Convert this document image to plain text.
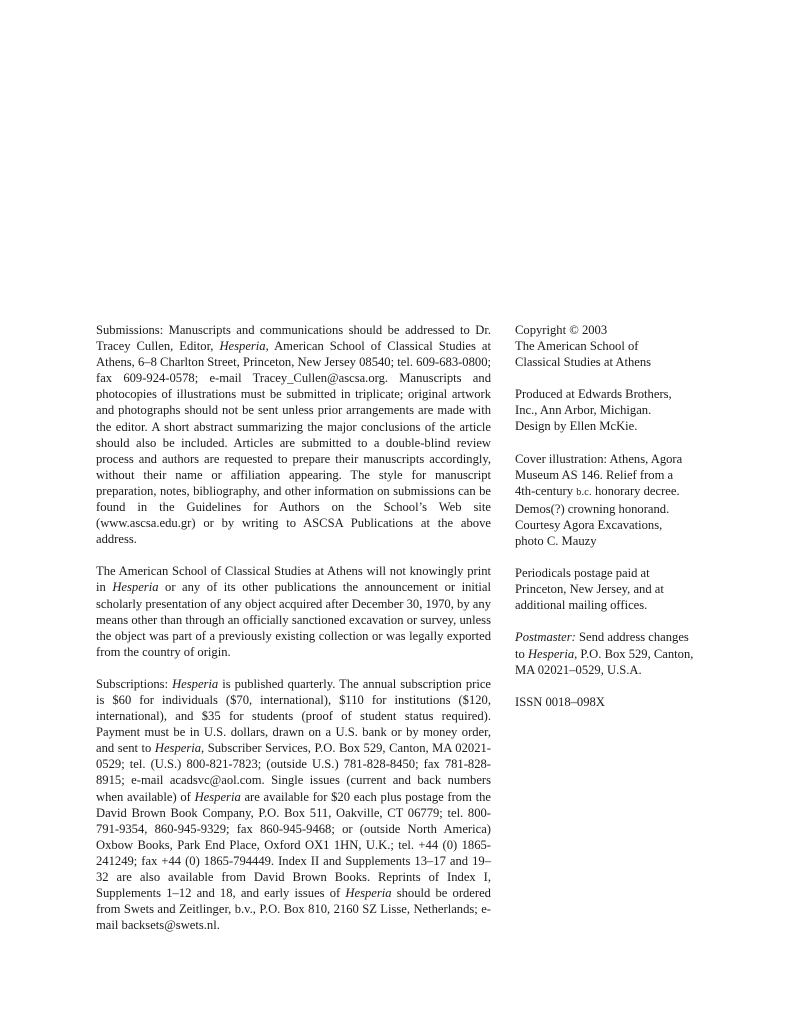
Submissions: Manuscripts and communications should be addressed to Dr. Tracey Cullen, Editor, Hesperia, American School of Classical Studies at Athens, 6–8 Charlton Street, Princeton, New Jersey 08540; tel. 609-683-0800; fax 609-924-0578; e-mail Tracey_Cullen@ascsa.org. Manuscripts and photocopies of illustrations must be submitted in triplicate; original artwork and photographs should not be sent unless prior arrangements are made with the editor. A short abstract summarizing the major conclusions of the article should also be included. Articles are submitted to a double-blind review process and authors are requested to prepare their manuscripts accordingly, without their name or affiliation appearing. The style for manuscript preparation, notes, bibliography, and other information on submissions can be found in the Guidelines for Authors on the School’s Web site (www.ascsa.edu.gr) or by writing to ASCSA Publications at the above address.

The American School of Classical Studies at Athens will not knowingly print in Hesperia or any of its other publications the announcement or initial scholarly presentation of any object acquired after December 30, 1970, by any means other than through an officially sanctioned excavation or survey, unless the object was part of a previously existing collection or was legally exported from the country of origin.

Subscriptions: Hesperia is published quarterly. The annual subscription price is $60 for individuals ($70, international), $110 for institutions ($120, international), and $35 for students (proof of student status required). Payment must be in U.S. dollars, drawn on a U.S. bank or by money order, and sent to Hesperia, Subscriber Services, P.O. Box 529, Canton, MA 02021-0529; tel. (U.S.) 800-821-7823; (outside U.S.) 781-828-8450; fax 781-828-8915; e-mail acadsvc@aol.com. Single issues (current and back numbers when available) of Hesperia are available for $20 each plus postage from the David Brown Book Company, P.O. Box 511, Oakville, CT 06779; tel. 800-791-9354, 860-945-9329; fax 860-945-9468; or (outside North America) Oxbow Books, Park End Place, Oxford OX1 1HN, U.K.; tel. +44 (0) 1865-241249; fax +44 (0) 1865-794449. Index II and Supplements 13–17 and 19–32 are also available from David Brown Books. Reprints of Index I, Supplements 1–12 and 18, and early issues of Hesperia should be ordered from Swets and Zeitlinger, b.v., P.O. Box 810, 2160 SZ Lisse, Netherlands; e-mail backsets@swets.nl.

Copyright © 2003
The American School of
Classical Studies at Athens
Produced at Edwards Brothers,
Inc., Ann Arbor, Michigan.
Design by Ellen McKie.
Cover illustration: Athens, Agora
Museum AS 146. Relief from a
4th-century b.c. honorary decree.
Demos(?) crowning honorand.
Courtesy Agora Excavations,
photo C. Mauzy
Periodicals postage paid at
Princeton, New Jersey, and at
additional mailing offices.
Postmaster: Send address changes
to Hesperia, P.O. Box 529, Canton,
MA 02021–0529, U.S.A.
ISSN 0018–098X
